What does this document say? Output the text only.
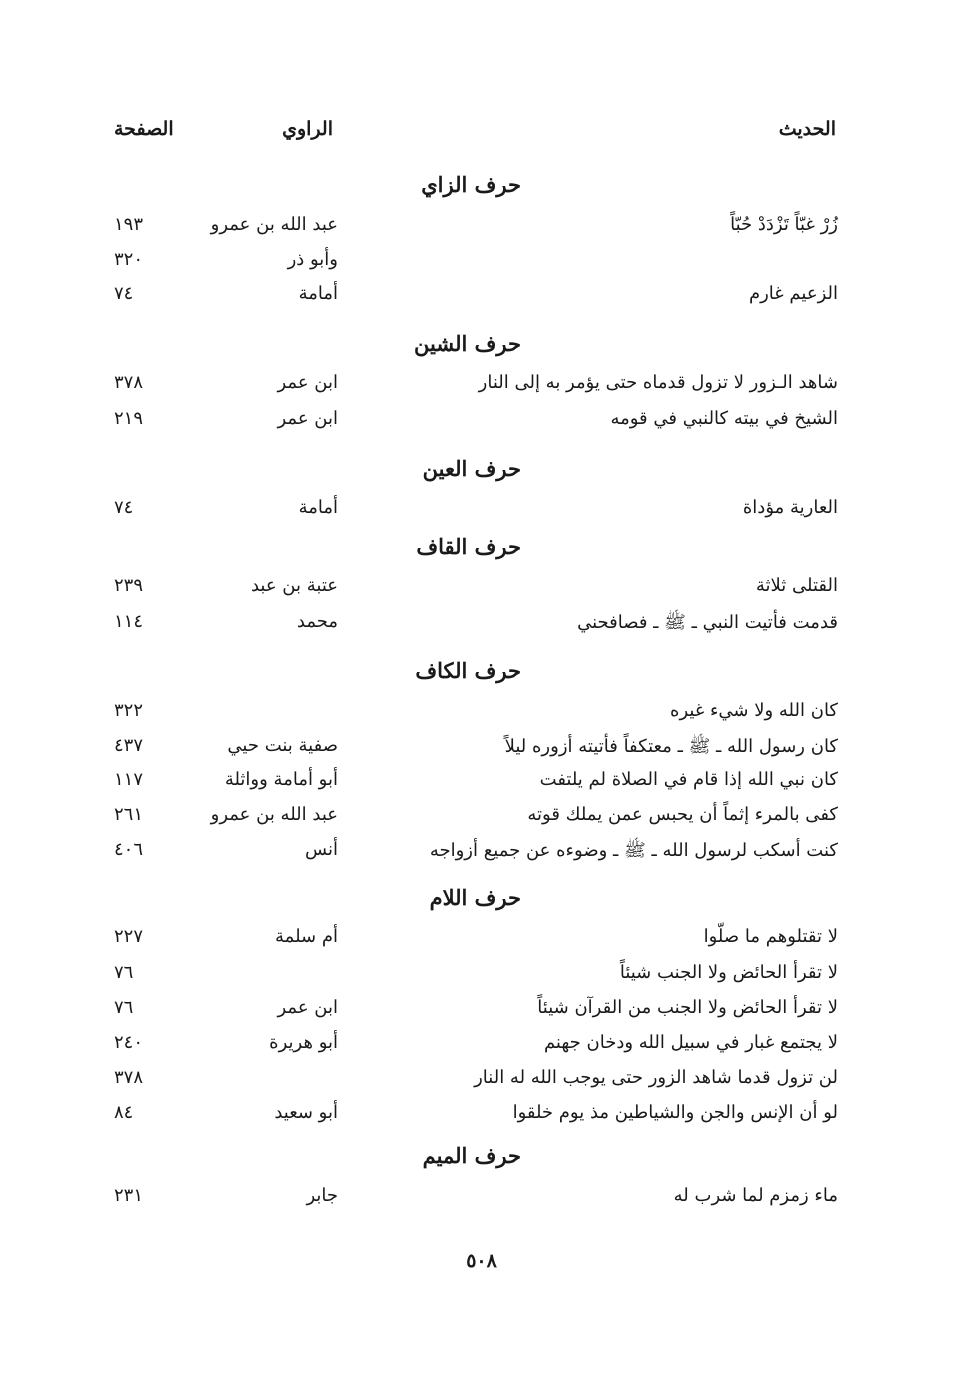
الحديث
الراوي
الصفحة
حرف الزاي
زُرْ غبّاً تَزْدَدْ حُبّاً
عبد الله بن عمرو
١٩٣
وأبو ذر
٣٢٠
الزعيم غارم
أمامة
٧٤
حرف الشين
شاهد الـزور لا تزول قدماه حتى يؤمر به إلى النار
ابن عمر
٣٧٨
الشيخ في بيته كالنبي في قومه
ابن عمر
٢١٩
حرف العين
العارية مؤداة
أمامة
٧٤
حرف القاف
القتلى ثلاثة
عتبة بن عبد
٢٣٩
قدمت فأتيت النبي ـ ﷺ ـ فصافحني
محمد
١١٤
حرف الكاف
كان الله ولا شيء غيره
٣٢٢
كان رسول الله ـ ﷺ ـ معتكفاً فأتيته أزوره ليلاً
صفية بنت حيي
٤٣٧
كان نبي الله إذا قام في الصلاة لم يلتفت
أبو أمامة وواثلة
١١٧
كفى بالمرء إثماً أن يحبس عمن يملك قوته
عبد الله بن عمرو
٢٦١
كنت أسكب لرسول الله ـ ﷺ ـ وضوءه عن جميع أزواجه
أنس
٤٠٦
حرف اللام
لا تقتلوهم ما صلّوا
أم سلمة
٢٢٧
لا تقرأ الحائض ولا الجنب شيئاً
٧٦
لا تقرأ الحائض ولا الجنب من القرآن شيئاً
ابن عمر
٧٦
لا يجتمع غبار في سبيل الله ودخان جهنم
أبو هريرة
٢٤٠
لن تزول قدما شاهد الزور حتى يوجب الله له النار
٣٧٨
لو أن الإنس والجن والشياطين مذ يوم خلقوا
أبو سعيد
٨٤
حرف الميم
ماء زمزم لما شرب له
جابر
٢٣١
٥٠٨
